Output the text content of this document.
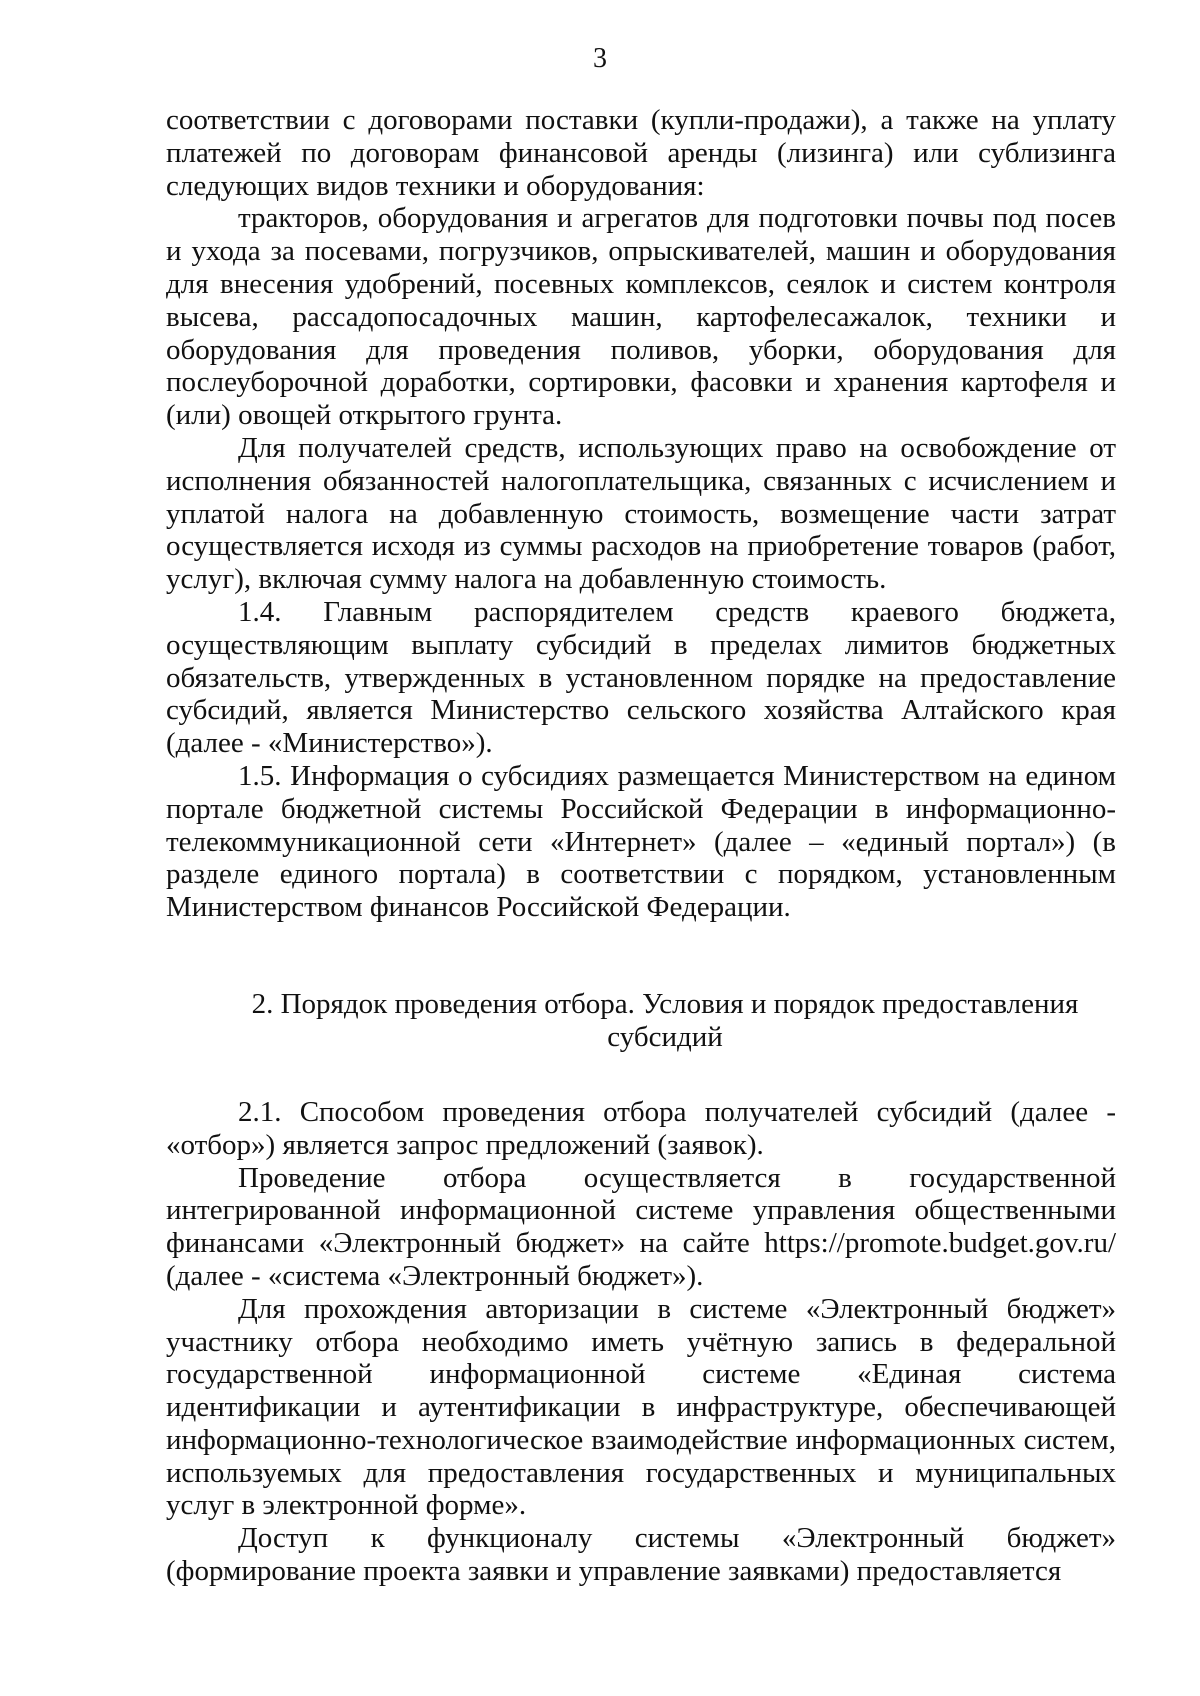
3

соответствии с договорами поставки (купли-продажи), а также на уплату платежей по договорам финансовой аренды (лизинга) или сублизинга следующих видов техники и оборудования:

тракторов, оборудования и агрегатов для подготовки почвы под посев и ухода за посевами, погрузчиков, опрыскивателей, машин и оборудования для внесения удобрений, посевных комплексов, сеялок и систем контроля высева, рассадопосадочных машин, картофелесажалок, техники и оборудования для проведения поливов, уборки, оборудования для послеуборочной доработки, сортировки, фасовки и хранения картофеля и (или) овощей открытого грунта.

Для получателей средств, использующих право на освобождение от исполнения обязанностей налогоплательщика, связанных с исчислением и уплатой налога на добавленную стоимость, возмещение части затрат осуществляется исходя из суммы расходов на приобретение товаров (работ, услуг), включая сумму налога на добавленную стоимость.

1.4. Главным распорядителем средств краевого бюджета, осуществляющим выплату субсидий в пределах лимитов бюджетных обязательств, утвержденных в установленном порядке на предоставление субсидий, является Министерство сельского хозяйства Алтайского края (далее - «Министерство»).

1.5. Информация о субсидиях размещается Министерством на едином портале бюджетной системы Российской Федерации в информационно-телекоммуникационной сети «Интернет» (далее – «единый портал») (в разделе единого портала) в соответствии с порядком, установленным Министерством финансов Российской Федерации.

2. Порядок проведения отбора. Условия и порядок предоставления субсидий

2.1. Способом проведения отбора получателей субсидий (далее - «отбор») является запрос предложений (заявок).

Проведение отбора осуществляется в государственной интегрированной информационной системе управления общественными финансами «Электронный бюджет» на сайте https://promote.budget.gov.ru/ (далее - «система «Электронный бюджет»).

Для прохождения авторизации в системе «Электронный бюджет» участнику отбора необходимо иметь учётную запись в федеральной государственной информационной системе «Единая система идентификации и аутентификации в инфраструктуре, обеспечивающей информационно-технологическое взаимодействие информационных систем, используемых для предоставления государственных и муниципальных услуг в электронной форме».

Доступ к функционалу системы «Электронный бюджет» (формирование проекта заявки и управление заявками) предоставляется
